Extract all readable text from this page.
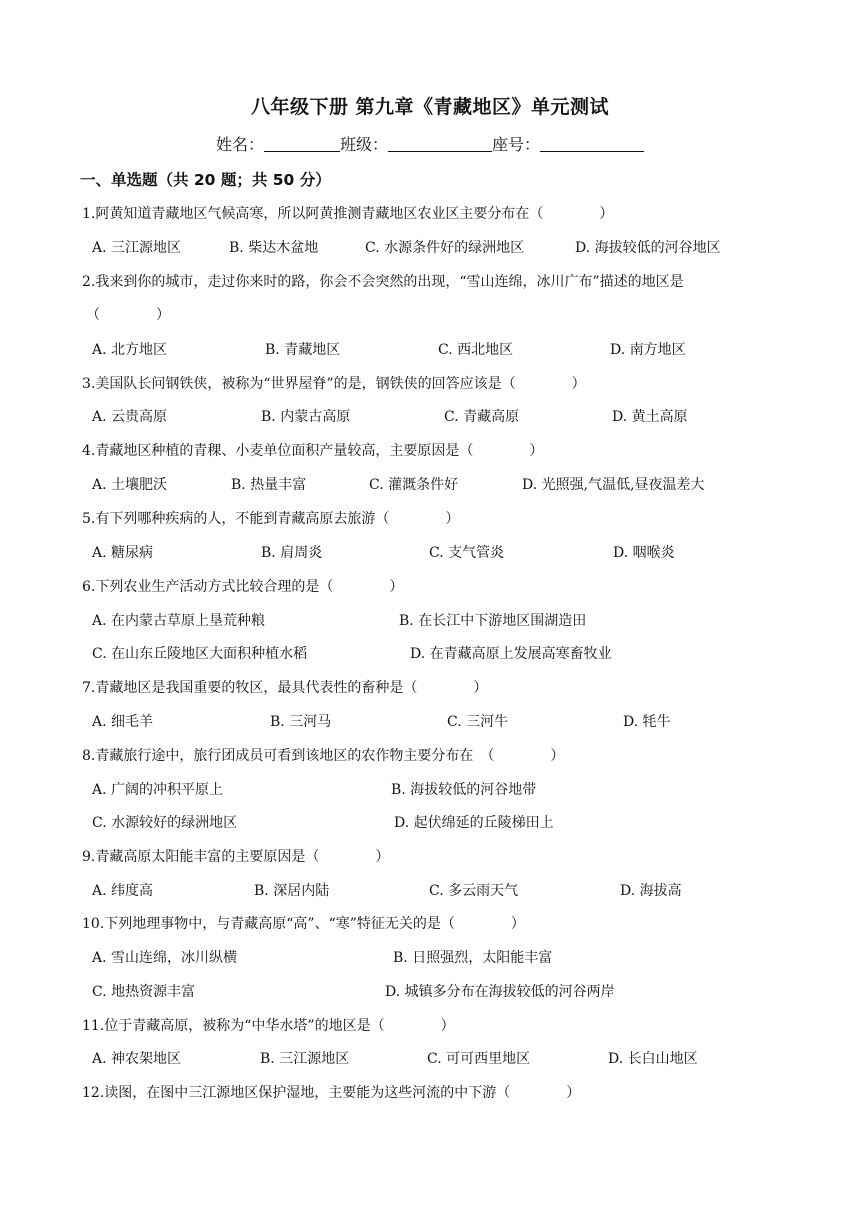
八年级下册 第九章《青藏地区》单元测试
姓名：	班级：	座号：
一、单选题（共 20 题；共 50 分）
1.阿黄知道青藏地区气候高寒，所以阿黄推测青藏地区农业区主要分布在（　　　　）
A. 三江源地区	B. 柴达木盆地	C. 水源条件好的绿洲地区	D. 海拔较低的河谷地区
2.我来到你的城市，走过你来时的路，你会不会突然的出现，“雪山连绵，冰川广布”描述的地区是
（　　　　）
A. 北方地区	B. 青藏地区	C. 西北地区	D. 南方地区
3.美国队长问钢铁侠，被称为“世界屋脊”的是，钢铁侠的回答应该是（　　　　）
A. 云贵高原	B. 内蒙古高原	C. 青藏高原	D. 黄土高原
4.青藏地区种植的青稞、小麦单位面积产量较高，主要原因是（　　　　）
A. 土壤肥沃	B. 热量丰富	C. 灌溉条件好	D. 光照强,气温低,昼夜温差大
5.有下列哪种疾病的人，不能到青藏高原去旅游（　　　　）
A. 糖尿病	B. 肩周炎	C. 支气管炎	D. 咽喉炎
6.下列农业生产活动方式比较合理的是（　　　　）
A. 在内蒙古草原上垦荒种粮	B. 在长江中下游地区围湖造田
C. 在山东丘陵地区大面积种植水稻	D. 在青藏高原上发展高寒畜牧业
7.青藏地区是我国重要的牧区，最具代表性的畜种是（　　　　）
A. 细毛羊	B. 三河马	C. 三河牛	D. 牦牛
8.青藏旅行途中，旅行团成员可看到该地区的农作物主要分布在　（　　　　）
A. 广阔的冲积平原上	B. 海拔较低的河谷地带
C. 水源较好的绿洲地区	D. 起伏绵延的丘陵梯田上
9.青藏高原太阳能丰富的主要原因是（　　　　）
A. 纬度高	B. 深居内陆	C. 多云雨天气	D. 海拔高
10.下列地理事物中，与青藏高原“高”、“寒”特征无关的是（　　　　）
A. 雪山连绵，冰川纵横	B. 日照强烈，太阳能丰富
C. 地热资源丰富	D. 城镇多分布在海拔较低的河谷两岸
11.位于青藏高原，被称为“中华水塔”的地区是（　　　　）
A. 神农架地区	B. 三江源地区	C. 可可西里地区	D. 长白山地区
12.读图，在图中三江源地区保护湿地，主要能为这些河流的中下游（　　　　）
